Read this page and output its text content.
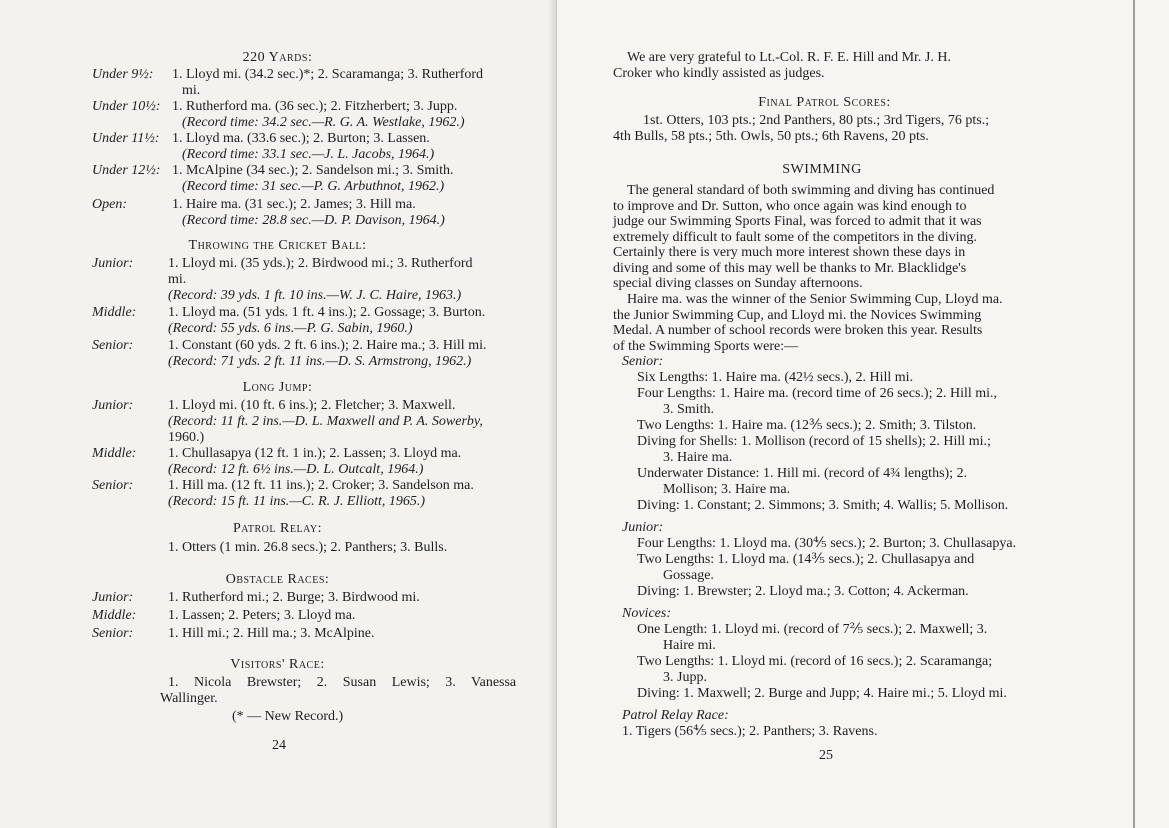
220 Yards:
Under 9½: 1. Lloyd mi. (34.2 sec.)*; 2. Scaramanga; 3. Rutherford
mi.
Under 10½: 1. Rutherford ma. (36 sec.); 2. Fitzherbert; 3. Jupp.
(Record time: 34.2 sec.—R. G. A. Westlake, 1962.)
Under 11½: 1. Lloyd ma. (33.6 sec.); 2. Burton; 3. Lassen.
(Record time: 33.1 sec.—J. L. Jacobs, 1964.)
Under 12½: 1. McAlpine (34 sec.); 2. Sandelson mi.; 3. Smith.
(Record time: 31 sec.—P. G. Arbuthnot, 1962.)
Open:	1. Haire ma. (31 sec.); 2. James; 3. Hill ma.
(Record time: 28.8 sec.—D. P. Davison, 1964.)
Throwing the Cricket Ball:
Junior: 1. Lloyd mi. (35 yds.); 2. Birdwood mi.; 3. Rutherford
mi.
(Record: 39 yds. 1 ft. 10 ins.—W. J. C. Haire, 1963.)
Middle: 1. Lloyd ma. (51 yds. 1 ft. 4 ins.); 2. Gossage; 3. Burton.
(Record: 55 yds. 6 ins.—P. G. Sabin, 1960.)
Senior: 1. Constant (60 yds. 2 ft. 6 ins.); 2. Haire ma.; 3. Hill mi.
(Record: 71 yds. 2 ft. 11 ins.—D. S. Armstrong, 1962.)
Long Jump:
Junior: 1. Lloyd mi. (10 ft. 6 ins.); 2. Fletcher; 3. Maxwell.
(Record: 11 ft. 2 ins.—D. L. Maxwell and P. A. Sowerby,
1960.)
Middle: 1. Chullasapya (12 ft. 1 in.); 2. Lassen; 3. Lloyd ma.
(Record: 12 ft. 6½ ins.—D. L. Outcalt, 1964.)
Senior: 1. Hill ma. (12 ft. 11 ins.); 2. Croker; 3. Sandelson ma.
(Record: 15 ft. 11 ins.—C. R. J. Elliott, 1965.)
Patrol Relay:
1. Otters (1 min. 26.8 secs.); 2. Panthers; 3. Bulls.
Obstacle Races:
Junior: 1. Rutherford mi.; 2. Burge; 3. Birdwood mi.
Middle: 1. Lassen; 2. Peters; 3. Lloyd ma.
Senior: 1. Hill mi.; 2. Hill ma.; 3. McAlpine.
Visitors' Race:
1. Nicola Brewster; 2. Susan Lewis; 3. Vanessa
Wallinger.
(* — New Record.)
24
We are very grateful to Lt.-Col. R. F. E. Hill and Mr. J. H.
Croker who kindly assisted as judges.
Final Patrol Scores:
1st. Otters, 103 pts.; 2nd Panthers, 80 pts.; 3rd Tigers, 76 pts.;
4th Bulls, 58 pts.; 5th. Owls, 50 pts.; 6th Ravens, 20 pts.
SWIMMING
The general standard of both swimming and diving has continued
to improve and Dr. Sutton, who once again was kind enough to
judge our Swimming Sports Final, was forced to admit that it was
extremely difficult to fault some of the competitors in the diving.
Certainly there is very much more interest shown these days in
diving and some of this may well be thanks to Mr. Blacklidge's
special diving classes on Sunday afternoons.
Haire ma. was the winner of the Senior Swimming Cup, Lloyd ma.
the Junior Swimming Cup, and Lloyd mi. the Novices Swimming
Medal. A number of school records were broken this year. Results
of the Swimming Sports were:—
Senior:
Six Lengths: 1. Haire ma. (42½ secs.), 2. Hill mi.
Four Lengths: 1. Haire ma. (record time of 26 secs.); 2. Hill mi.,
3. Smith.
Two Lengths: 1. Haire ma. (12⅗ secs.); 2. Smith; 3. Tilston.
Diving for Shells: 1. Mollison (record of 15 shells); 2. Hill mi.;
3. Haire ma.
Underwater Distance: 1. Hill mi. (record of 4¾ lengths); 2.
Mollison; 3. Haire ma.
Diving: 1. Constant; 2. Simmons; 3. Smith; 4. Wallis; 5. Mollison.
Junior:
Four Lengths: 1. Lloyd ma. (30⅘ secs.); 2. Burton; 3. Chullasapya.
Two Lengths: 1. Lloyd ma. (14⅗ secs.); 2. Chullasapya and
Gossage.
Diving: 1. Brewster; 2. Lloyd ma.; 3. Cotton; 4. Ackerman.
Novices:
One Length: 1. Lloyd mi. (record of 7⅖ secs.); 2. Maxwell; 3.
Haire mi.
Two Lengths: 1. Lloyd mi. (record of 16 secs.); 2. Scaramanga;
3. Jupp.
Diving: 1. Maxwell; 2. Burge and Jupp; 4. Haire mi.; 5. Lloyd mi.
Patrol Relay Race:
1. Tigers (56⅘ secs.); 2. Panthers; 3. Ravens.
25
